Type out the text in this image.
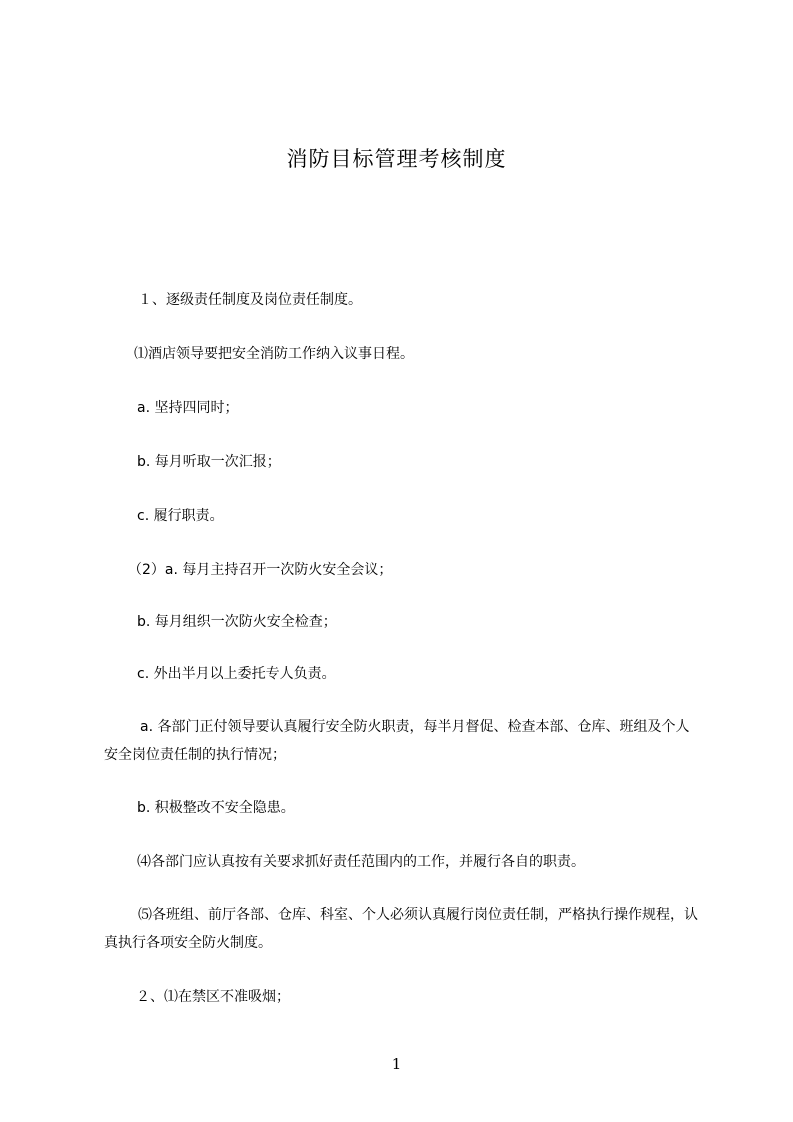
消防目标管理考核制度
１、逐级责任制度及岗位责任制度。
⑴酒店领导要把安全消防工作纳入议事日程。
a. 坚持四同时；
b. 每月听取一次汇报；
c. 履行职责。
（2）a. 每月主持召开一次防火安全会议；
b. 每月组织一次防火安全检查；
c. 外出半月以上委托专人负责。
a. 各部门正付领导要认真履行安全防火职责，每半月督促、检查本部、仓库、班组及个人安全岗位责任制的执行情况；
b. 积极整改不安全隐患。
⑷各部门应认真按有关要求抓好责任范围内的工作，并履行各自的职责。
⑸各班组、前厅各部、仓库、科室、个人必须认真履行岗位责任制，严格执行操作规程，认真执行各项安全防火制度。
２、⑴在禁区不准吸烟；
1
